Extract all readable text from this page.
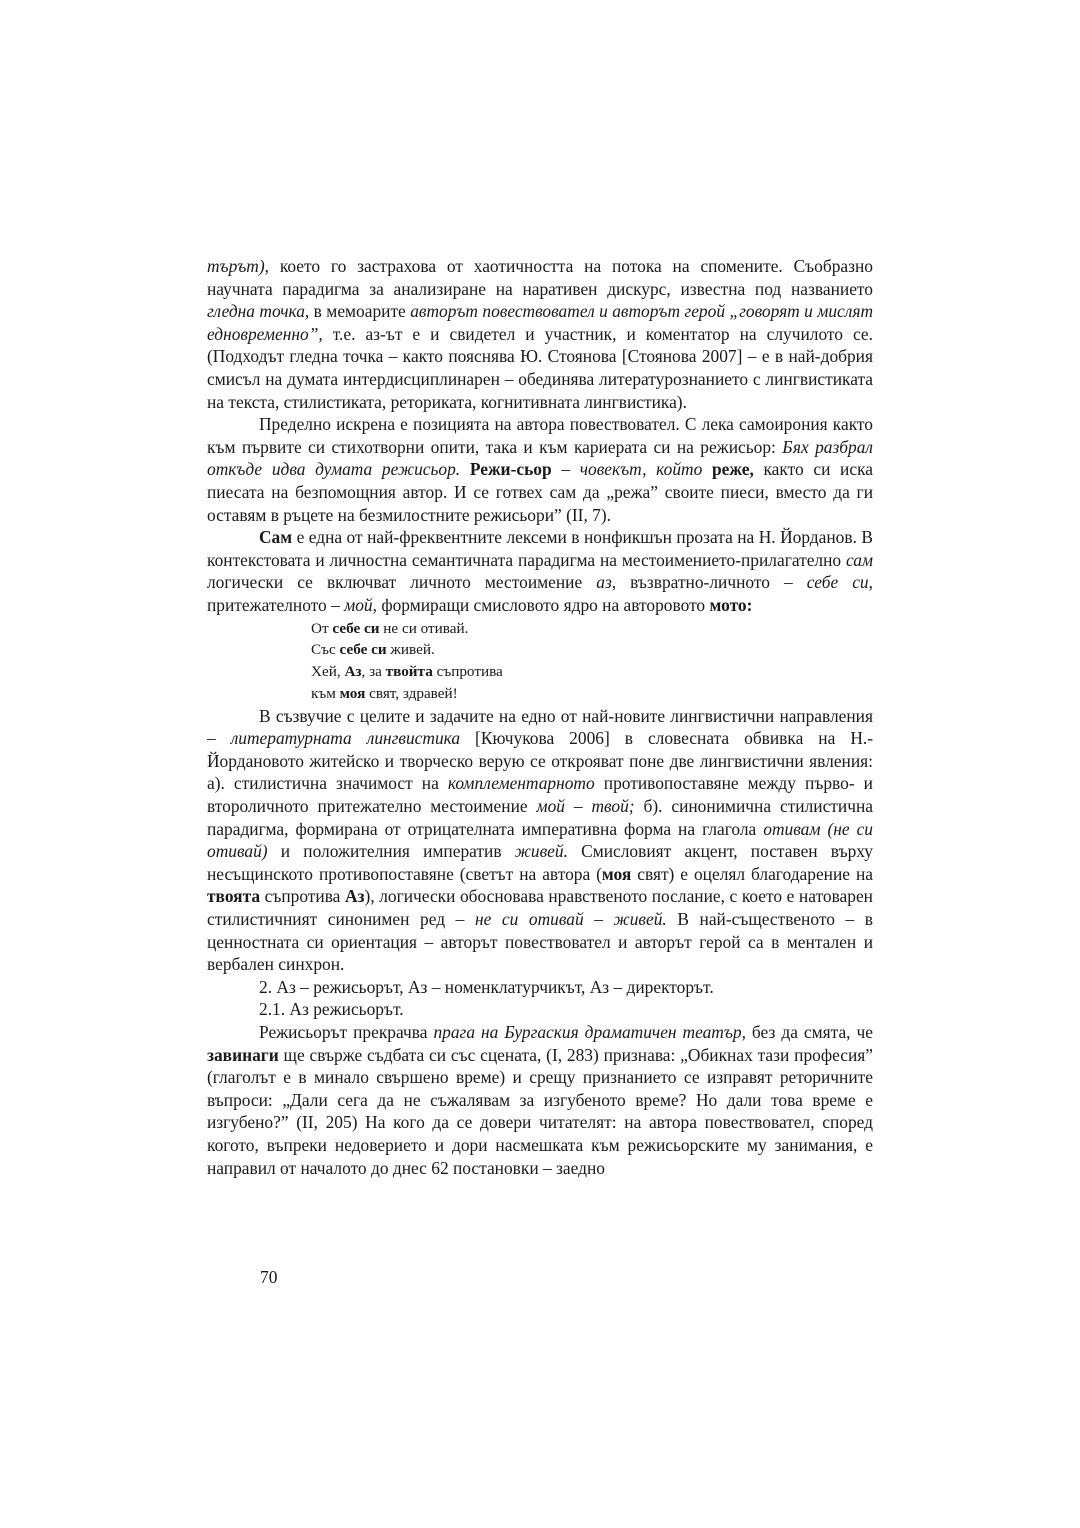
търът), което го застрахова от хаотичността на потока на спомените. Съобразно научната парадигма за анализиране на наративен дискурс, известна под названието гледна точка, в мемоарите авторът повествовател и авторът герой „говорят и мислят едновременно”, т.е. аз-ът е и свидетел и участник, и коментатор на случилото се. (Подходът гледна точка – както пояснява Ю. Стоянова [Стоянова 2007] – е в най-добрия смисъл на думата интердисциплинарен – обединява литературознанието с лингвистиката на текста, стилистиката, реториката, когнитивната лингвистика).

Пределно искрена е позицията на автора повествовател. С лека самоирония както към първите си стихотворни опити, така и към кариерата си на режисьор: Бях разбрал откъде идва думата режисьор. Режи-сьор – човекът, който реже, както си иска пиесата на безпомощния автор. И се готвех сам да „режа” своите пиеси, вместо да ги оставям в ръцете на безмилостните режисьори” (II, 7).

Сам е една от най-фреквентните лексеми в нонфикшън прозата на Н. Йорданов. В контекстовата и личностна семантичната парадигма на местоимението-прилагателно сам логически се включват личното местоимение аз, възвратно-личното – себе си, притежателното – мой, формиращи смисловото ядро на авторовото мото:

От себе си не си отивай.
Със себе си живей.
Хей, Аз, за твойта съпротива
към моя свят, здравей!

В съзвучие с целите и задачите на едно от най-новите лингвистични направления – литературната лингвистика [Кючукова 2006] в словесната обвивка на Н.-Йордановото житейско и творческо верую се открояват поне две лингвистични явления: а). стилистична значимост на комплементарното противопоставяне между първо- и второличното притежателно местоимение мой – твой; б). синонимична стилистична парадигма, формирана от отрицателната императивна форма на глагола отивам (не си отивай) и положителния императив живей. Смисловият акцент, поставен върху несъщинското противопоставяне (светът на автора (моя свят) е оцелял благодарение на твоята съпротива Аз), логически обосновава нравственото послание, с което е натоварен стилистичният синонимен ред – не си отивай – живей. В най-същественото – в ценностната си ориентация – авторът повествовател и авторът герой са в ментален и вербален синхрон.

2. Аз – режисьорът, Аз – номенклатурчикът, Аз – директорът.

2.1. Аз режисьорът.

Режисьорът прекрачва прага на Бургаския драматичен театър, без да смята, че завинаги ще свърже съдбата си със сцената, (I, 283) признава: „Обикнах тази професия” (глаголът е в минало свършено време) и срещу признанието се изправят реторичните въпроси: „Дали сега да не съжалявам за изгубеното време? Но дали това време е изгубено?” (II, 205) На кого да се довери читателят: на автора повествовател, според когото, въпреки недоверието и дори насмешката към режисьорските му занимания, е направил от началото до днес 62 постановки – заедно

70
